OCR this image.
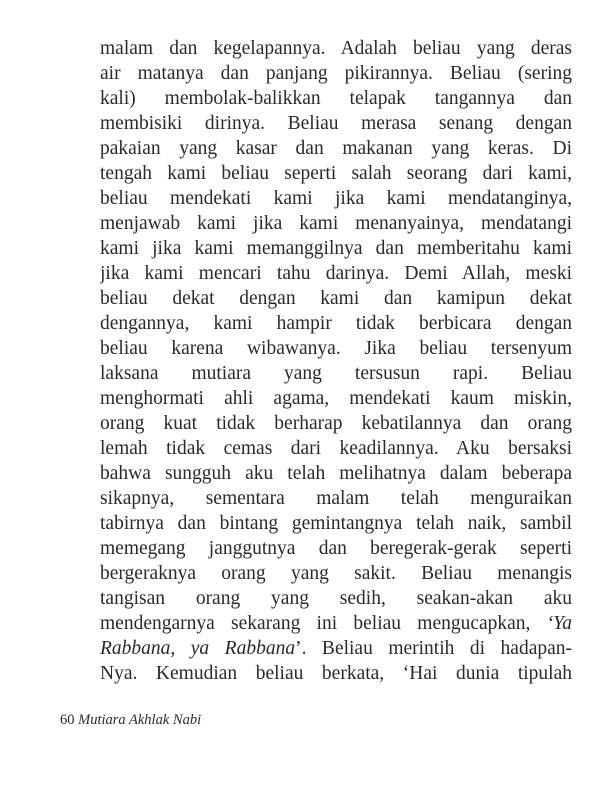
malam dan kegelapannya. Adalah beliau yang deras
air matanya dan panjang pikirannya. Beliau (sering
kali) membolak-balikkan telapak tangannya dan
membisiki dirinya. Beliau merasa senang dengan
pakaian yang kasar dan makanan yang keras. Di
tengah kami beliau seperti salah seorang dari kami,
beliau mendekati kami jika kami mendatanginya,
menjawab kami jika kami menanyainya, mendatangi
kami jika kami memanggilnya dan memberitahu kami
jika kami mencari tahu darinya. Demi Allah, meski
beliau dekat dengan kami dan kamipun dekat
dengannya, kami hampir tidak berbicara dengan
beliau karena wibawanya. Jika beliau tersenyum
laksana mutiara yang tersusun rapi. Beliau
menghormati ahli agama, mendekati kaum miskin,
orang kuat tidak berharap kebatilannya dan orang
lemah tidak cemas dari keadilannya. Aku bersaksi
bahwa sungguh aku telah melihatnya dalam beberapa
sikapnya, sementara malam telah menguraikan
tabirnya dan bintang gemintangnya telah naik, sambil
memegang janggutnya dan beregerak-gerak seperti
bergeraknya orang yang sakit. Beliau menangis
tangisan orang yang sedih, seakan-akan aku
mendengarnya sekarang ini beliau mengucapkan, ‘Ya
Rabbana, ya Rabbana’. Beliau merintih di hadapan-
Nya. Kemudian beliau berkata, ‘Hai dunia tipulah
60 Mutiara Akhlak Nabi
